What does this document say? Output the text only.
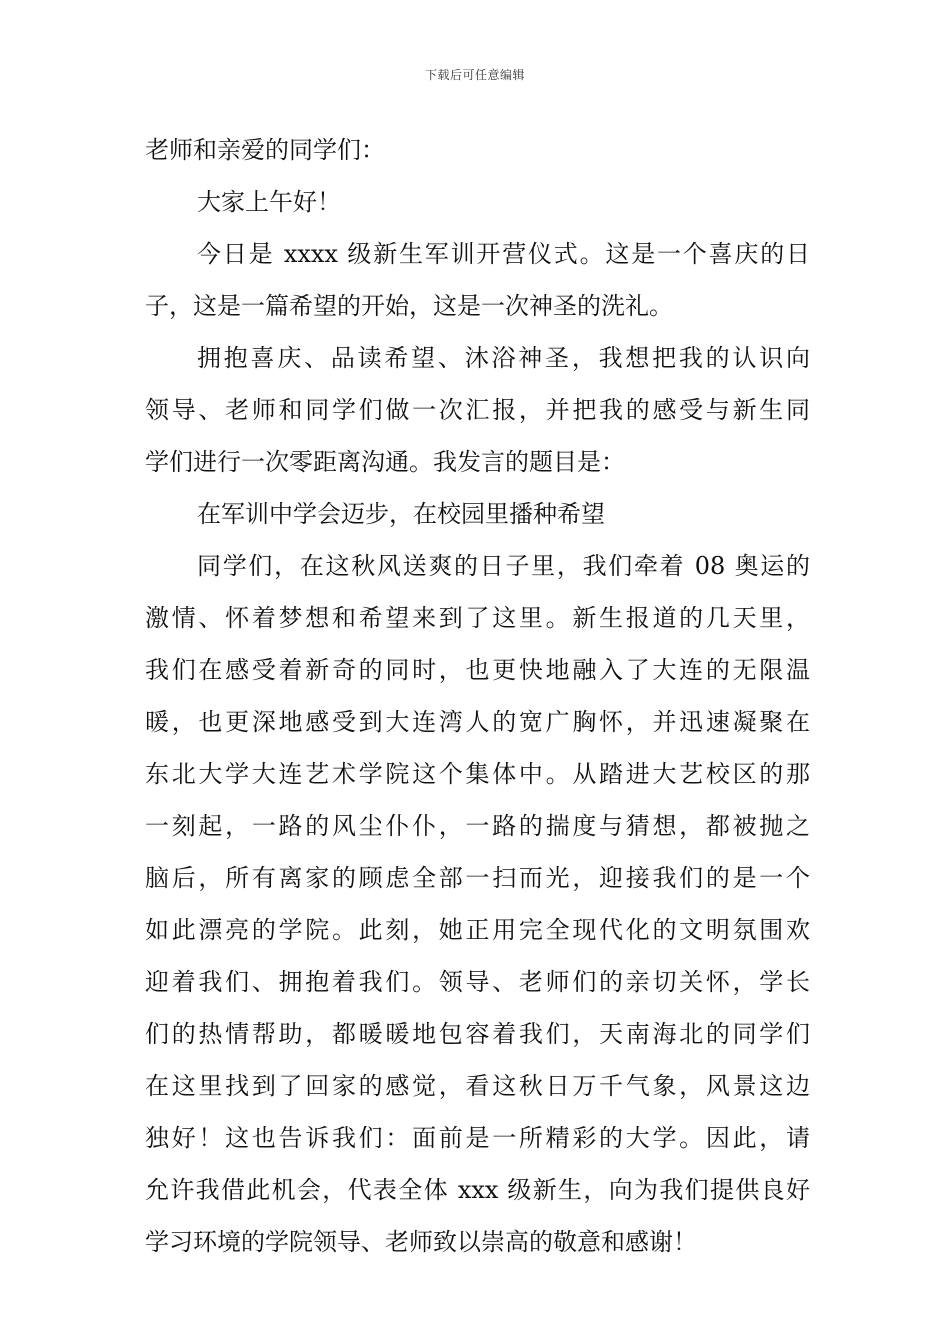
下载后可任意编辑
老师和亲爱的同学们：
大家上午好！
今日是 xxxx 级新生军训开营仪式。这是一个喜庆的日
子，这是一篇希望的开始，这是一次神圣的洗礼。
拥抱喜庆、品读希望、沐浴神圣，我想把我的认识向
领导、老师和同学们做一次汇报，并把我的感受与新生同
学们进行一次零距离沟通。我发言的题目是：
在军训中学会迈步，在校园里播种希望
同学们，在这秋风送爽的日子里，我们牵着 08 奥运的
激情、怀着梦想和希望来到了这里。新生报道的几天里，
我们在感受着新奇的同时，也更快地融入了大连的无限温
暖，也更深地感受到大连湾人的宽广胸怀，并迅速凝聚在
东北大学大连艺术学院这个集体中。从踏进大艺校区的那
一刻起，一路的风尘仆仆，一路的揣度与猜想，都被抛之
脑后，所有离家的顾虑全部一扫而光，迎接我们的是一个
如此漂亮的学院。此刻，她正用完全现代化的文明氛围欢
迎着我们、拥抱着我们。领导、老师们的亲切关怀，学长
们的热情帮助，都暖暖地包容着我们，天南海北的同学们
在这里找到了回家的感觉，看这秋日万千气象，风景这边
独好！这也告诉我们：面前是一所精彩的大学。因此，请
允许我借此机会，代表全体 xxx 级新生，向为我们提供良好
学习环境的学院领导、老师致以崇高的敬意和感谢！
